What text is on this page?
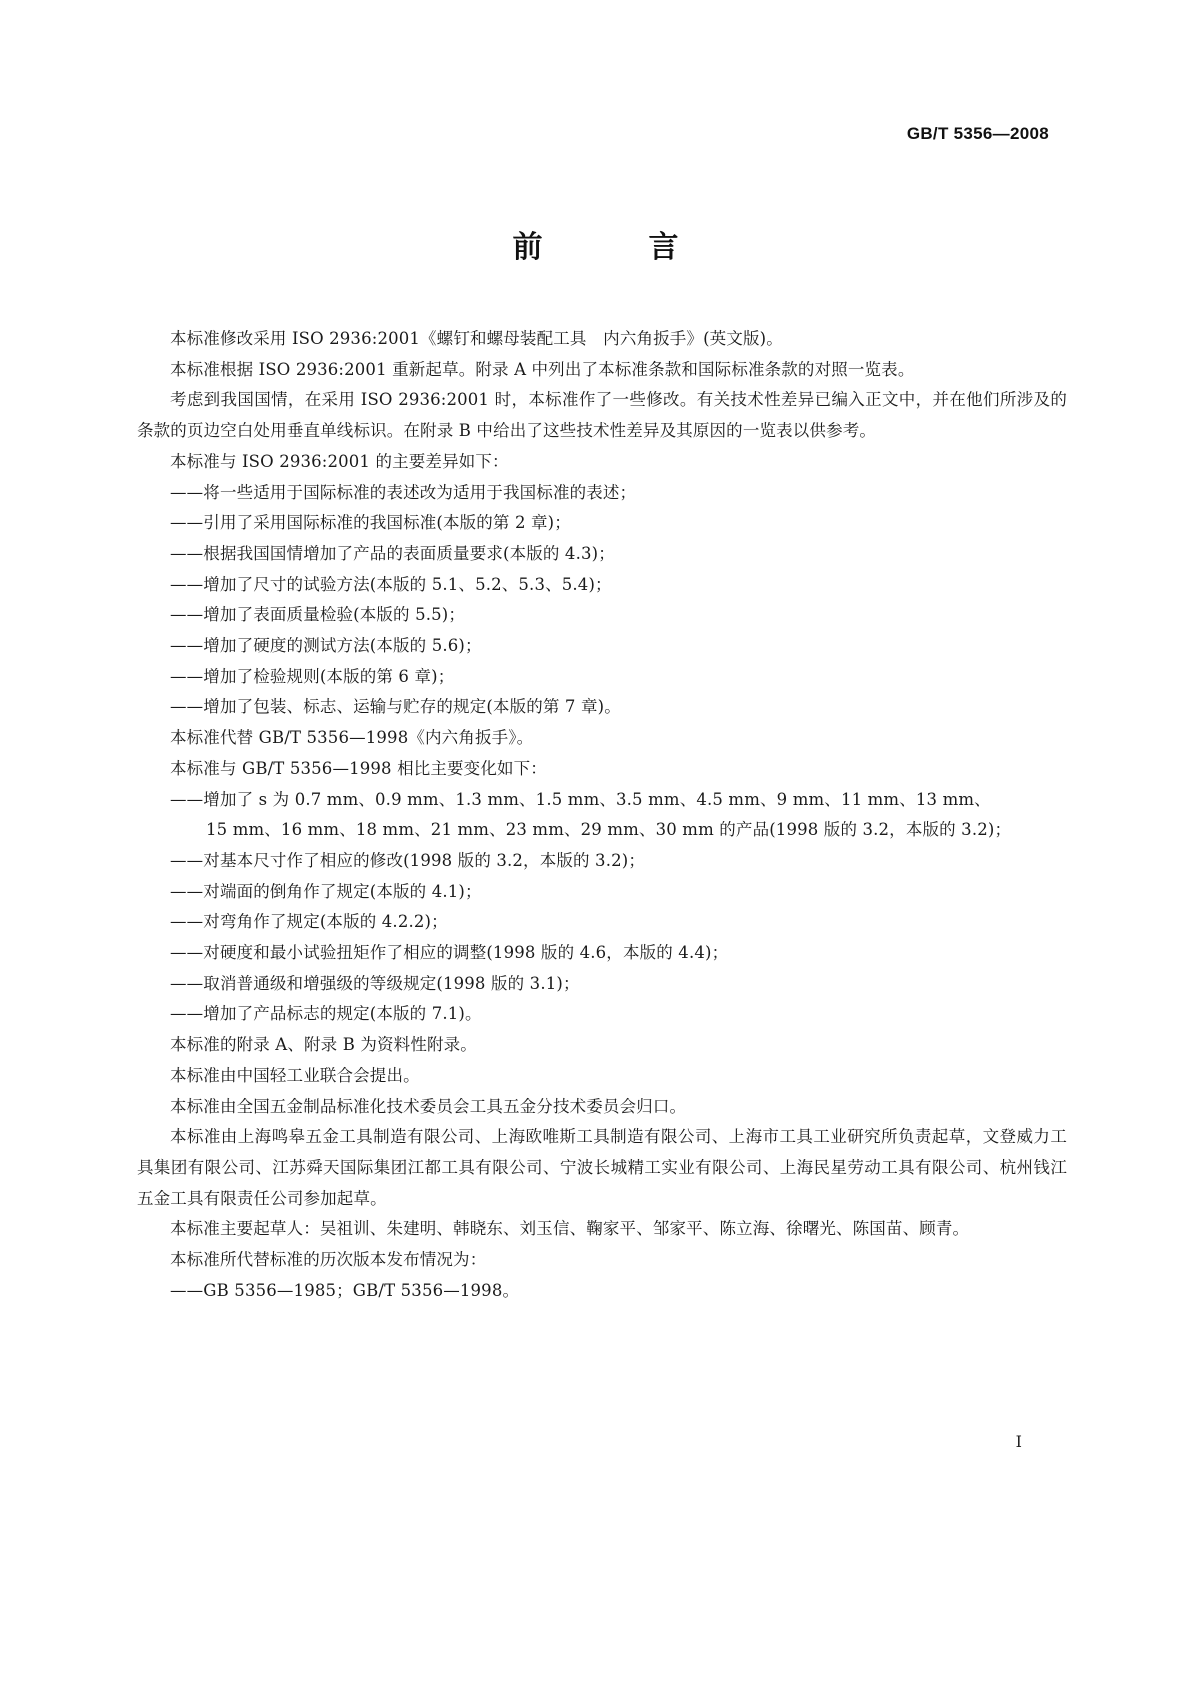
GB/T 5356—2008
前　言

本标准修改采用 ISO 2936:2001《螺钉和螺母装配工具　内六角扳手》(英文版)。

本标准根据 ISO 2936:2001 重新起草。附录 A 中列出了本标准条款和国际标准条款的对照一览表。

考虑到我国国情，在采用 ISO 2936:2001 时，本标准作了一些修改。有关技术性差异已编入正文中，并在他们所涉及的条款的页边空白处用垂直单线标识。在附录 B 中给出了这些技术性差异及其原因的一览表以供参考。

本标准与 ISO 2936:2001 的主要差异如下：

——将一些适用于国际标准的表述改为适用于我国标准的表述；

——引用了采用国际标准的我国标准(本版的第 2 章)；

——根据我国国情增加了产品的表面质量要求(本版的 4.3)；

——增加了尺寸的试验方法(本版的 5.1、5.2、5.3、5.4)；

——增加了表面质量检验(本版的 5.5)；

——增加了硬度的测试方法(本版的 5.6)；

——增加了检验规则(本版的第 6 章)；

——增加了包装、标志、运输与贮存的规定(本版的第 7 章)。

本标准代替 GB/T 5356—1998《内六角扳手》。

本标准与 GB/T 5356—1998 相比主要变化如下：

——增加了 s 为 0.7 mm、0.9 mm、1.3 mm、1.5 mm、3.5 mm、4.5 mm、9 mm、11 mm、13 mm、
15 mm、16 mm、18 mm、21 mm、23 mm、29 mm、30 mm 的产品(1998 版的 3.2，本版的 3.2)；

——对基本尺寸作了相应的修改(1998 版的 3.2，本版的 3.2)；

——对端面的倒角作了规定(本版的 4.1)；

——对弯角作了规定(本版的 4.2.2)；

——对硬度和最小试验扭矩作了相应的调整(1998 版的 4.6，本版的 4.4)；

——取消普通级和增强级的等级规定(1998 版的 3.1)；

——增加了产品标志的规定(本版的 7.1)。

本标准的附录 A、附录 B 为资料性附录。

本标准由中国轻工业联合会提出。

本标准由全国五金制品标准化技术委员会工具五金分技术委员会归口。

本标准由上海鸣皋五金工具制造有限公司、上海欧唯斯工具制造有限公司、上海市工具工业研究所负责起草，文登威力工具集团有限公司、江苏舜天国际集团江都工具有限公司、宁波长城精工实业有限公司、上海民星劳动工具有限公司、杭州钱江五金工具有限责任公司参加起草。

本标准主要起草人：吴祖训、朱建明、韩晓东、刘玉信、鞠家平、邹家平、陈立海、徐曙光、陈国苗、顾青。

本标准所代替标准的历次版本发布情况为：

——GB 5356—1985；GB/T 5356—1998。

I
